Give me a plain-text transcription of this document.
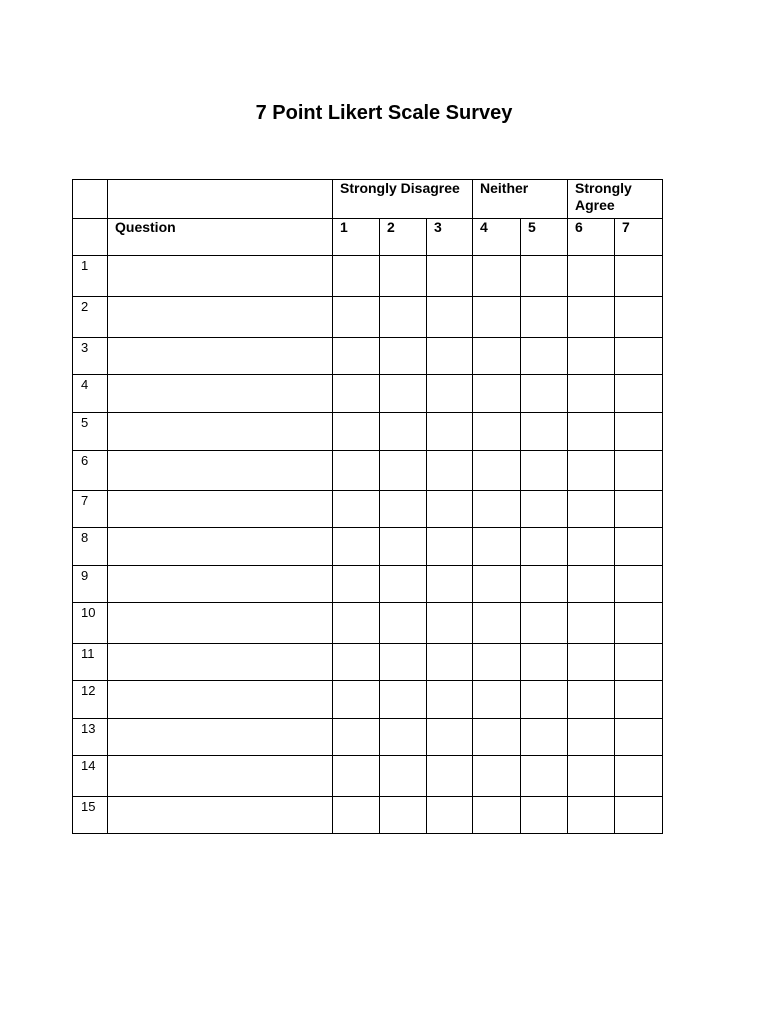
7 Point Likert Scale Survey

		Strongly Disagree			Neither		Strongly Agree	

	Question	1	2	3	4	5	6	7
1								
2								
3								
4								
5								
6								
7								
8								
9								
10								
11								
12								
13								
14								
15								
